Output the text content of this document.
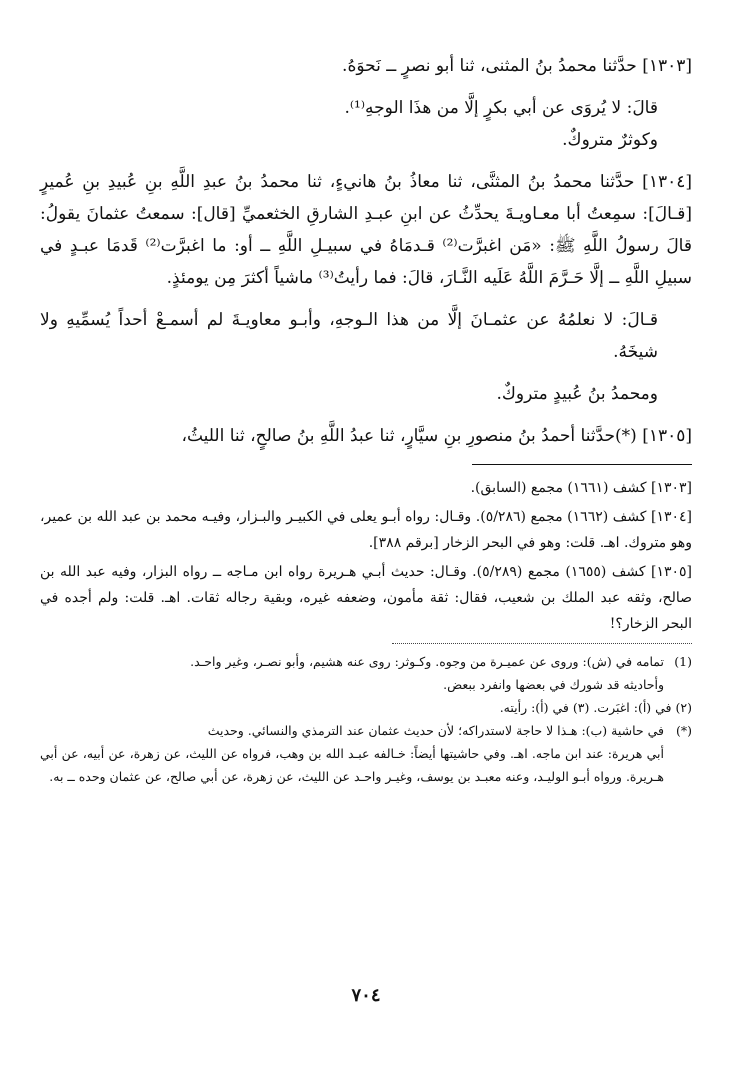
[١٣٠٣] حدَّثنا محمدُ بنُ المثنى، ثنا أبو نصرٍ ــ نَحوَهُ.

قالَ: لا يُروَى عن أبي بكرٍ إلَّا من هذَا الوجهِ⁽¹⁾.

وكوثرٌ متروكٌ.

[١٣٠٤] حدَّثنا محمدُ بنُ المثنَّى، ثنا معاذُ بنُ هانيءٍ، ثنا محمدُ بنُ عبدِ اللَّهِ بنِ عُبيدِ بنِ عُميرٍ [قـالَ]: سمِعتُ أبا معـاويـةَ يحدِّثُ عن ابنِ عبـدِ الشارقِ الخثعميِّ [قال]: سمعتُ عثمانَ يقولُ: قالَ رسولُ اللَّهِ ﷺ: «مَن اغبرَّت⁽²⁾ قـدمَاهُ في سبيـلِ اللَّهِ ــ أو: ما اغبرَّت⁽²⁾ قَدمَا عبـدٍ في سبيلِ اللَّهِ ــ إلَّا حَـرَّمَ اللَّهُ عَلَيه النَّـارَ، قالَ: فما رأيتُ⁽³⁾ ماشياً أكثرَ مِن يومئذٍ.

قـالَ: لا نعلمُهُ عن عثمـانَ إلَّا من هذا الـوجهِ، وأبـو معاويـةَ لم أسمـعْ أحداً يُسمِّيهِ ولا شيخَهُ.

ومحمدُ بنُ عُبيدٍ متروكٌ.

[١٣٠٥] (*)حدَّثنا أحمدُ بنُ منصورِ بنِ سيَّارٍ، ثنا عبدُ اللَّهِ بنُ صالحٍ، ثنا الليثُ،

[١٣٠٣] كشف (١٦٦١) مجمع (السابق).

[١٣٠٤] كشف (١٦٦٢) مجمع (٥/٢٨٦). وقـال: رواه أبـو يعلى في الكبيـر والبـزار، وفيـه محمد بن عبد الله بن عمير، وهو متروك. اهـ. قلت: وهو في البحر الزخار [برقم ٣٨٨].

[١٣٠٥] كشف (١٦٥٥) مجمع (٥/٢٨٩). وقـال: حديث أبـي هـريرة رواه ابن مـاجه ــ رواه البزار، وفيه عبد الله بن صالح، وثقه عبد الملك بن شعيب، فقال: ثقة مأمون، وضعفه غيره، وبقية رجاله ثقات. اهـ. قلت: ولم أجده في البحر الزخار؟!

(1)تمامه في (ش): وروى عن عميـرة من وجوه. وكـوثر: روى عنه هشيم، وأبو نصـر، وغير واحـد.

وأحاديثه قد شورك في بعضها وانفرد ببعض.

(٢) في (أ): اغبَرت. (٣) في (أ): رأيته.

(*)في حاشية (ب): هـذا لا حاجة لاستدراكه؛ لأن حديث عثمان عند الترمذي والنسائي. وحديث

أبي هريرة: عند ابن ماجه. اهـ. وفي حاشيتها أيضاً: خـالفه عبـد الله بن وهب، فرواه عن الليث، عن زهرة، عن أبيه، عن أبي هـريرة. ورواه أبـو الوليـد، وعنه معبـد بن يوسف، وغيـر واحـد عن الليث، عن زهرة، عن أبي صالح، عن عثمان وحده ــ به.

٧٠٤
